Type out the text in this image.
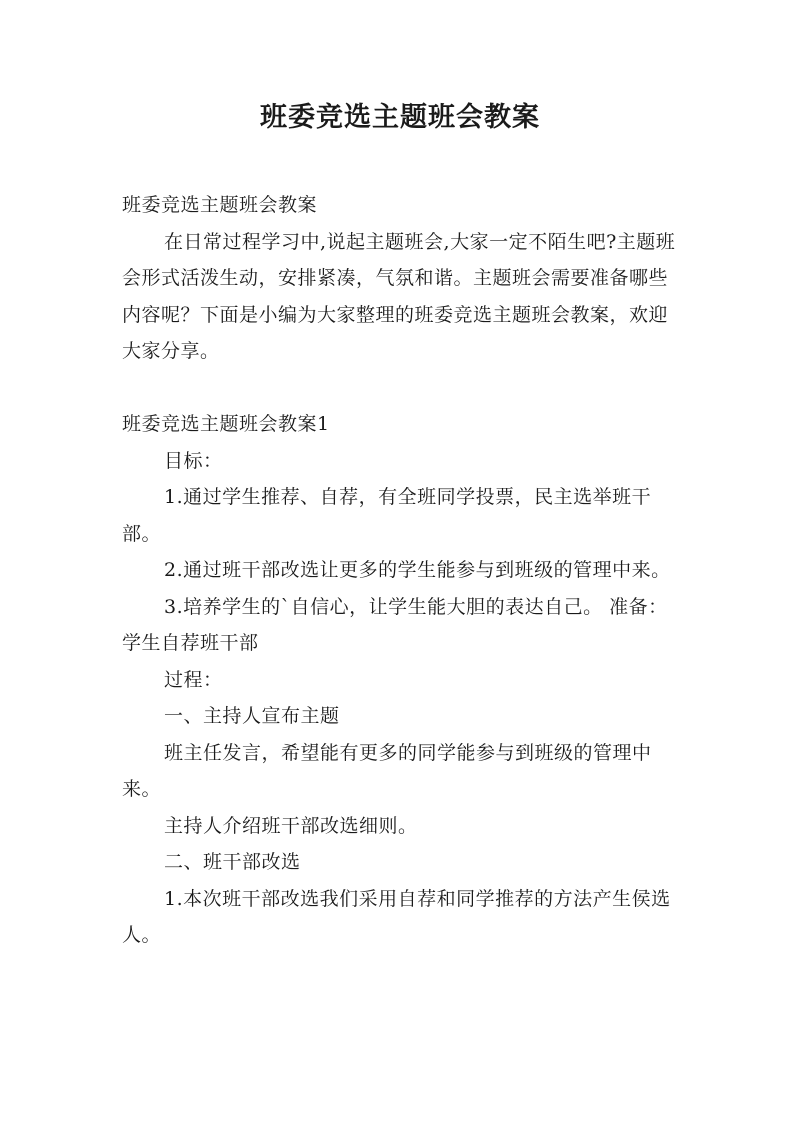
班委竞选主题班会教案

班委竞选主题班会教案

在日常过程学习中,说起主题班会,大家一定不陌生吧?主题班会形式活泼生动，安排紧凑，气氛和谐。主题班会需要准备哪些内容呢？下面是小编为大家整理的班委竞选主题班会教案，欢迎大家分享。

班委竞选主题班会教案1

目标：

1.通过学生推荐、自荐，有全班同学投票，民主选举班干部。

2.通过班干部改选让更多的学生能参与到班级的管理中来。

3.培养学生的`自信心，让学生能大胆的表达自己。 准备：学生自荐班干部

过程：

一、主持人宣布主题

班主任发言，希望能有更多的同学能参与到班级的管理中来。

主持人介绍班干部改选细则。

二、班干部改选

1.本次班干部改选我们采用自荐和同学推荐的方法产生侯选人。
